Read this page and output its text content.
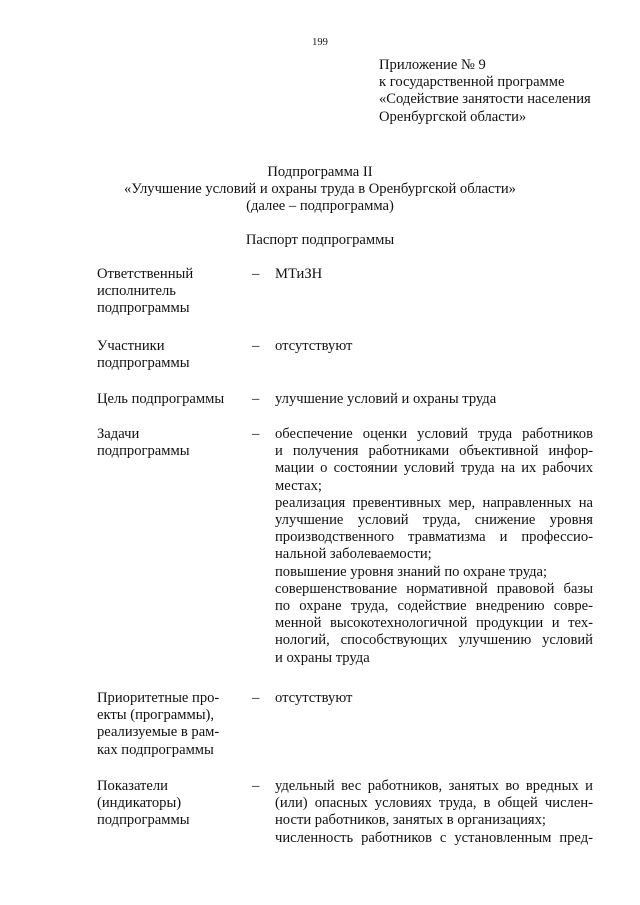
199
Приложение № 9
к государственной программе
«Содействие занятости населения
Оренбургской области»
Подпрограмма II
«Улучшение условий и охраны труда в Оренбургской области»
(далее – подпрограмма)
Паспорт подпрограммы
Ответственный
исполнитель
подпрограммы
– МТиЗН
Участники
подпрограммы
– отсутствуют
Цель подпрограммы	– улучшение условий и охраны труда
Задачи
подпрограммы
– обеспечение оценки условий труда работников
и получения работниками объективной инфор-
мации о состоянии условий труда на их рабочих
местах;
реализация превентивных мер, направленных на
улучшение условий труда, снижение уровня
производственного травматизма и профессио-
нальной заболеваемости;
повышение уровня знаний по охране труда;
совершенствование нормативной правовой базы
по охране труда, содействие внедрению совре-
менной высокотехнологичной продукции и тех-
нологий, способствующих улучшению условий
и охраны труда
Приоритетные про-
екты (программы),
реализуемые в рам-
ках подпрограммы
– отсутствуют
Показатели
(индикаторы)
подпрограммы
– удельный вес работников, занятых во вредных и
(или) опасных условиях труда, в общей числен-
ности работников, занятых в организациях;
численность работников с установленным пред-
